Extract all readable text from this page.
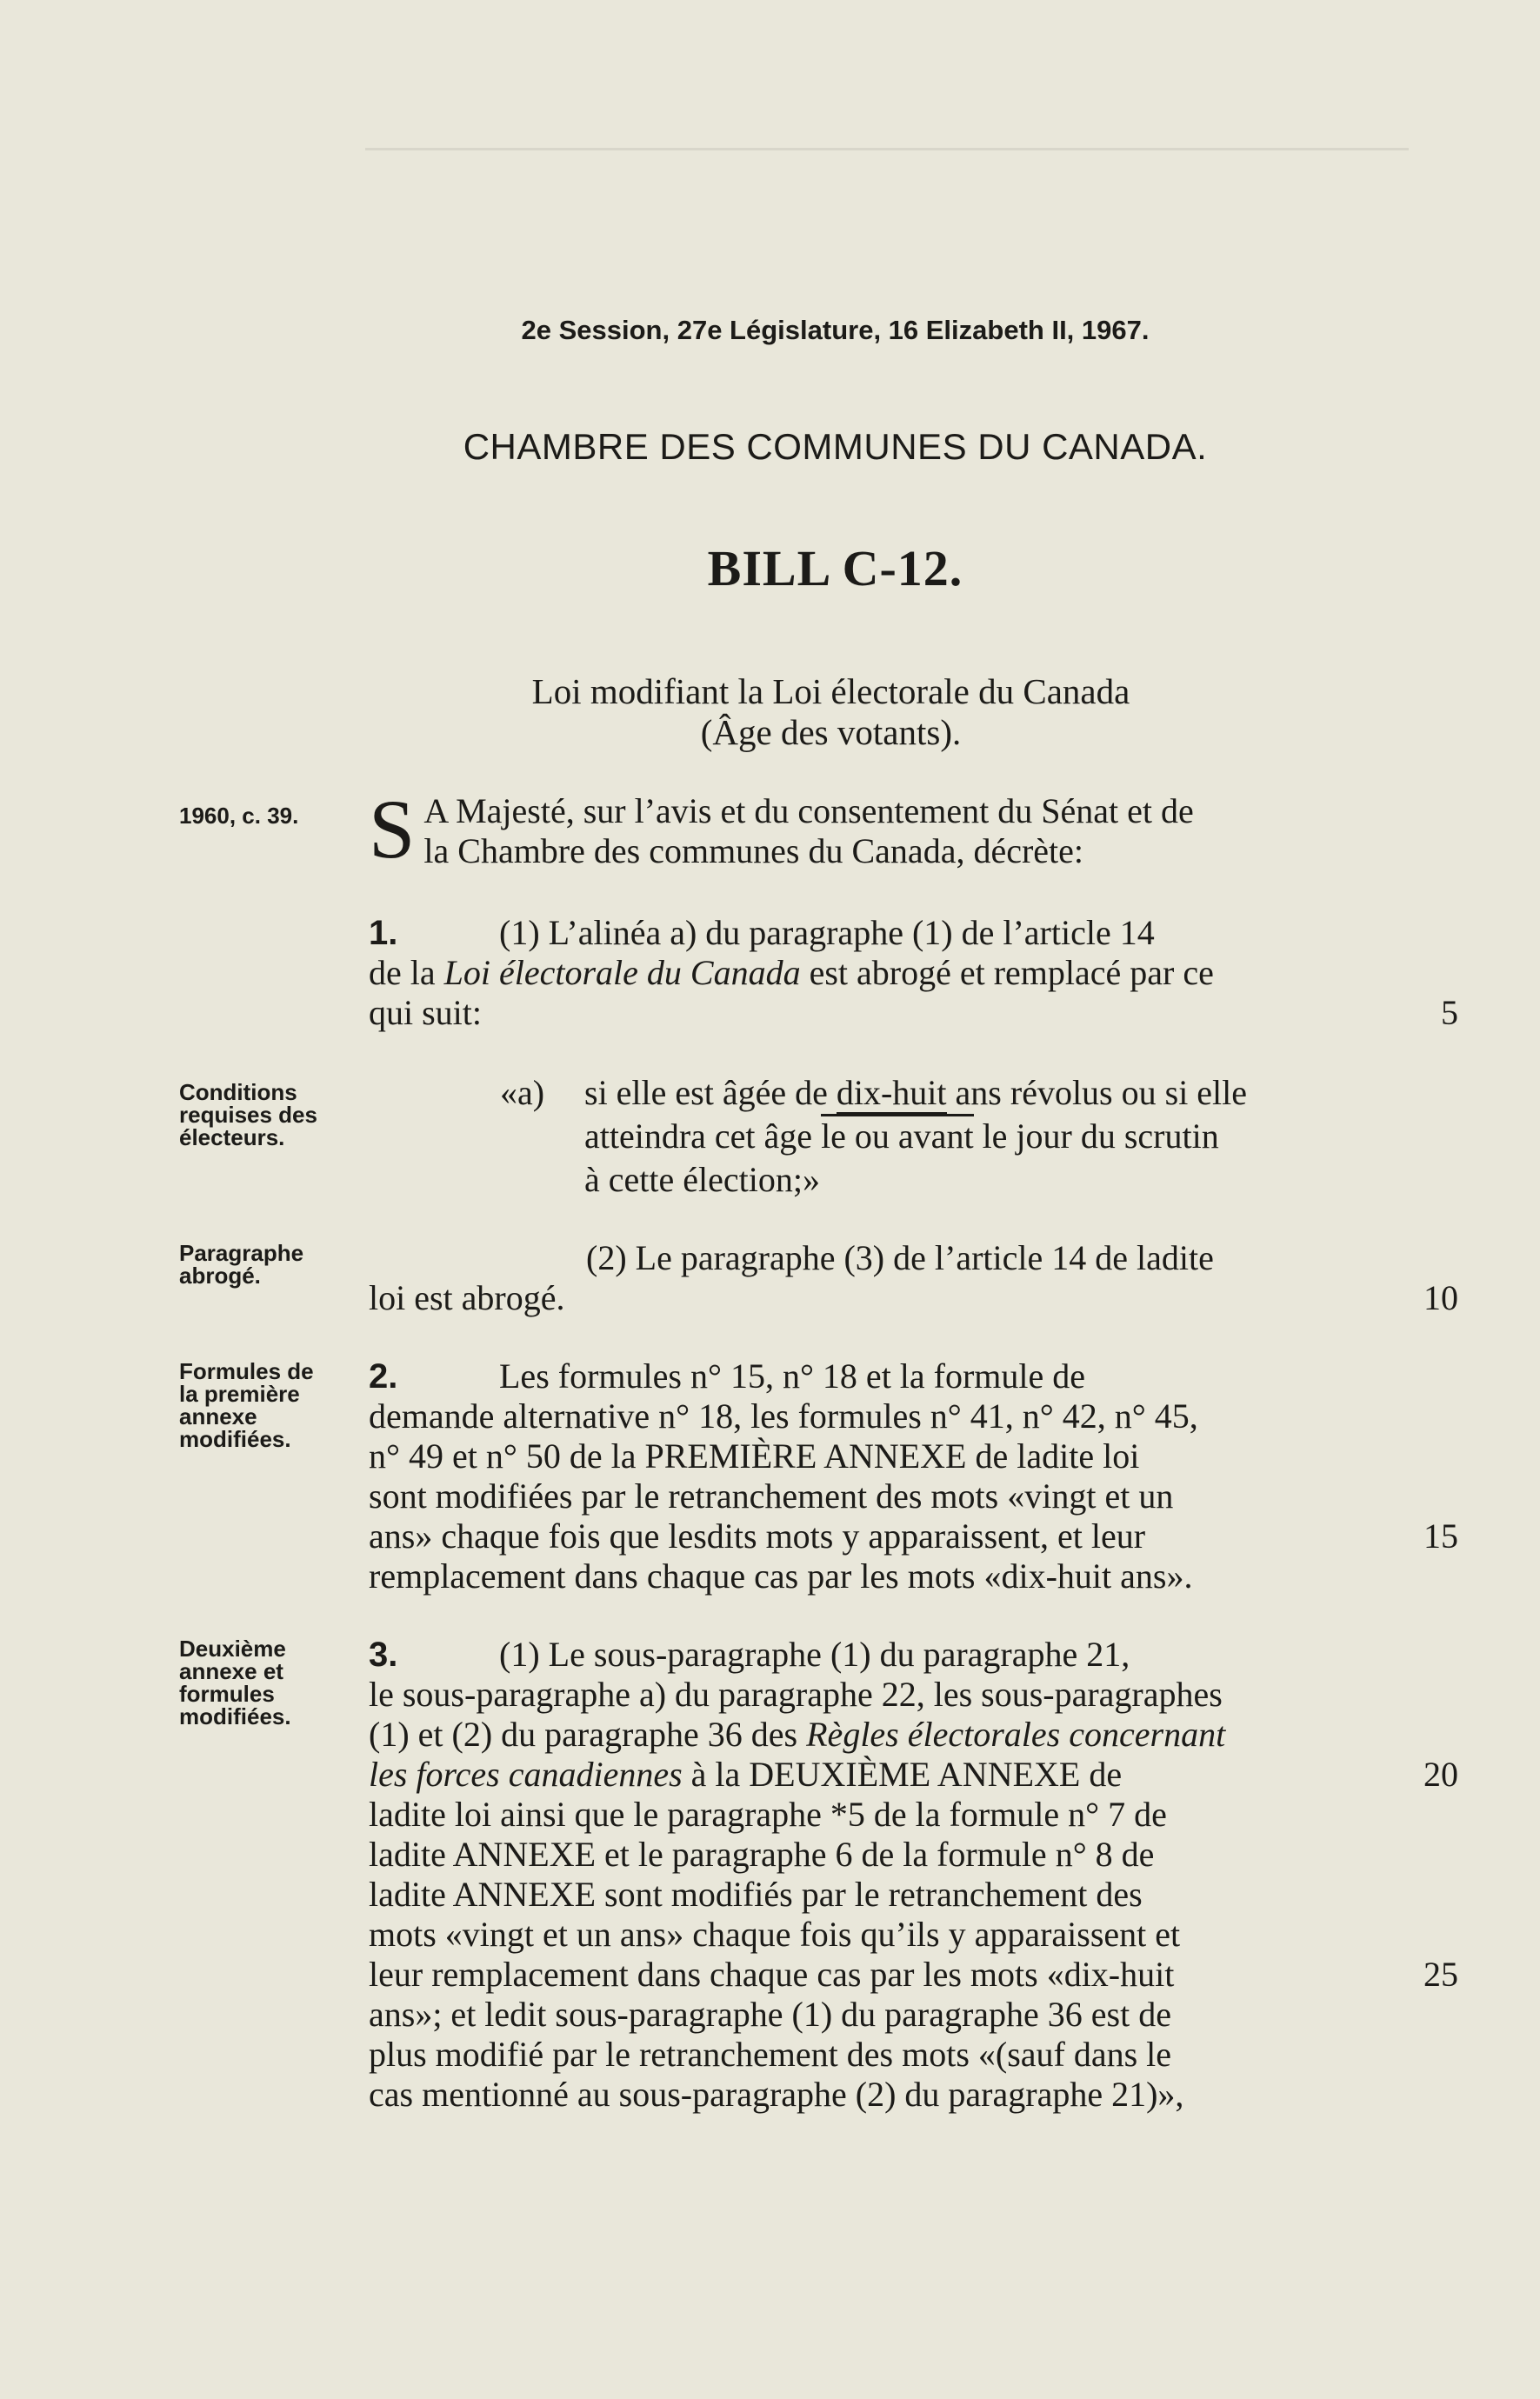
2e Session, 27e Législature, 16 Elizabeth II, 1967.
CHAMBRE DES COMMUNES DU CANADA.
BILL C-12.
Loi modifiant la Loi électorale du Canada
(Âge des votants).
1960, c. 39.
Conditions
requises des
électeurs.
Paragraphe
abrogé.
Formules de
la première
annexe
modifiées.
Deuxième
annexe et
formules
modifiées.
S A Majesté, sur l’avis et du consentement du Sénat et de
la Chambre des communes du Canada, décrète:
1.	(1) L’alinéa a) du paragraphe (1) de l’article 14
de la Loi électorale du Canada est abrogé et remplacé par ce
qui suit:	5
«a) si elle est âgée de dix-huit ans révolus ou si elle
atteindra cet âge le ou avant le jour du scrutin
à cette élection;»
(2) Le paragraphe (3) de l’article 14 de ladite
loi est abrogé.	10
2.	Les formules n° 15, n° 18 et la formule de
demande alternative n° 18, les formules n° 41, n° 42, n° 45,
n° 49 et n° 50 de la PREMIÈRE ANNEXE de ladite loi
sont modifiées par le retranchement des mots «vingt et un
ans» chaque fois que lesdits mots y apparaissent, et leur
remplacement dans chaque cas par les mots «dix-huit ans».
15
3.	(1) Le sous-paragraphe (1) du paragraphe 21,
le sous-paragraphe a) du paragraphe 22, les sous-paragraphes
(1) et (2) du paragraphe 36 des Règles électorales concernant
les forces canadiennes à la DEUXIÈME ANNEXE de
ladite loi ainsi que le paragraphe *5 de la formule n° 7 de
ladite ANNEXE et le paragraphe 6 de la formule n° 8 de
ladite ANNEXE sont modifiés par le retranchement des
mots «vingt et un ans» chaque fois qu’ils y apparaissent et
leur remplacement dans chaque cas par les mots «dix-huit
ans»; et ledit sous-paragraphe (1) du paragraphe 36 est de
plus modifié par le retranchement des mots «(sauf dans le
cas mentionné au sous-paragraphe (2) du paragraphe 21)»,
20
25
